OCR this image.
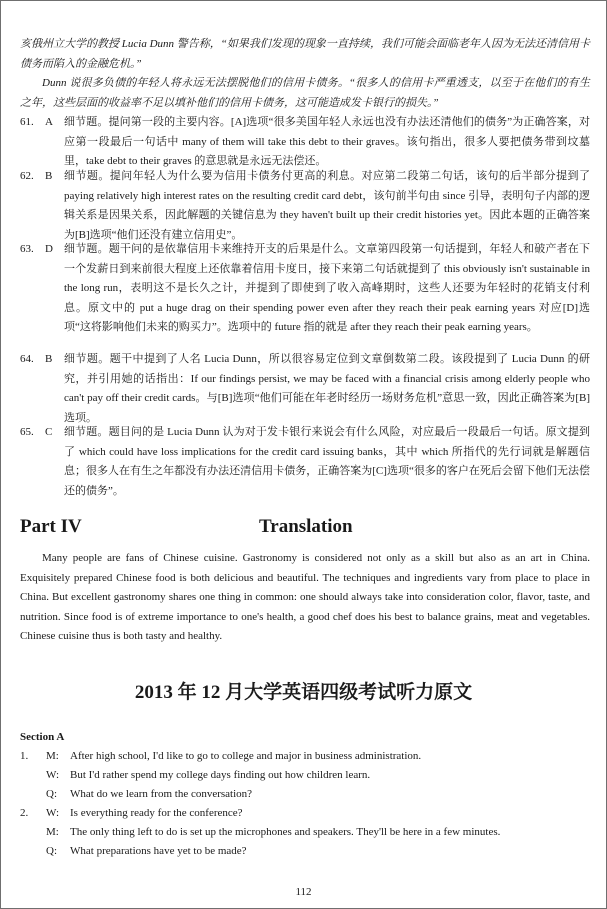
亥俄州立大学的教授 Lucia Dunn 警告称，“如果我们发现的现象一直持续，我们可能会面临老年人因为无法还清信用卡债务而陷入的金融危机。”
Dunn 说很多负债的年轻人将永远无法摆脱他们的信用卡债务。“很多人的信用卡严重透支，以至于在他们的有生之年，这些层面的收益率不足以填补他们的信用卡债务，这可能造成发卡银行的损失。”
61. A 细节题。提问第一段的主要内容。[A]选项“很多美国年轻人永远也没有办法还清他们的债务”为正确答案，对应第一段最后一句话中 many of them will take this debt to their graves。该句指出，很多人要把债务带到坟墓里，take debt to their graves 的意思就是永远无法偿还。
62. B 细节题。提问年轻人为什么要为信用卡债务付更高的利息。对应第二段第二句话，该句的后半部分提到了paying relatively high interest rates on the resulting credit card debt，该句前半句由 since 引导，表明句子内部的逻辑关系是因果关系，因此解题的关键信息为 they haven't built up their credit histories yet。因此本题的正确答案为[B]选项“他们还没有建立信用史”。
63. D 细节题。题干问的是依靠信用卡来维持开支的后果是什么。文章第四段第一句话提到，年轻人和破产者在下一个发薪日到来前很大程度上还依靠着信用卡度日，接下来第二句话就提到了 this obviously isn't sustainable in the long run，表明这不是长久之计，并提到了即使到了收入高峰期时，这些人还要为年轻时的花销支付利息。原文中的 put a huge drag on their spending power even after they reach their peak earning years 对应[D]选项“这将影响他们未来的购买力”。选项中的 future 指的就是 after they reach their peak earning years。
64. B 细节题。题干中提到了人名 Lucia Dunn，所以很容易定位到文章倒数第二段。该段提到了 Lucia Dunn 的研究，并引用她的话指出：If our findings persist, we may be faced with a financial crisis among elderly people who can't pay off their credit cards。与[B]选项“他们可能在年老时经历一场财务危机”意思一致，因此正确答案为[B]选项。
65. C 细节题。题目问的是 Lucia Dunn 认为对于发卡银行来说会有什么风险，对应最后一段最后一句话。原文提到了 which could have loss implications for the credit card issuing banks，其中 which 所指代的先行词就是解题信息；很多人在有生之年都没有办法还清信用卡债务，正确答案为[C]选项“很多的客户在死后会留下他们无法偿还的债务”。
Part IV	Translation
Many people are fans of Chinese cuisine. Gastronomy is considered not only as a skill but also as an art in China. Exquisitely prepared Chinese food is both delicious and beautiful. The techniques and ingredients vary from place to place in China. But excellent gastronomy shares one thing in common: one should always take into consideration color, flavor, taste, and nutrition. Since food is of extreme importance to one's health, a good chef does his best to balance grains, meat and vegetables. Chinese cuisine thus is both tasty and healthy.
2013 年 12 月大学英语四级考试听力原文
Section A
1. M: After high school, I'd like to go to college and major in business administration.
W: But I'd rather spend my college days finding out how children learn.
Q: What do we learn from the conversation?
2. W: Is everything ready for the conference?
M: The only thing left to do is set up the microphones and speakers. They'll be here in a few minutes.
Q: What preparations have yet to be made?
112
